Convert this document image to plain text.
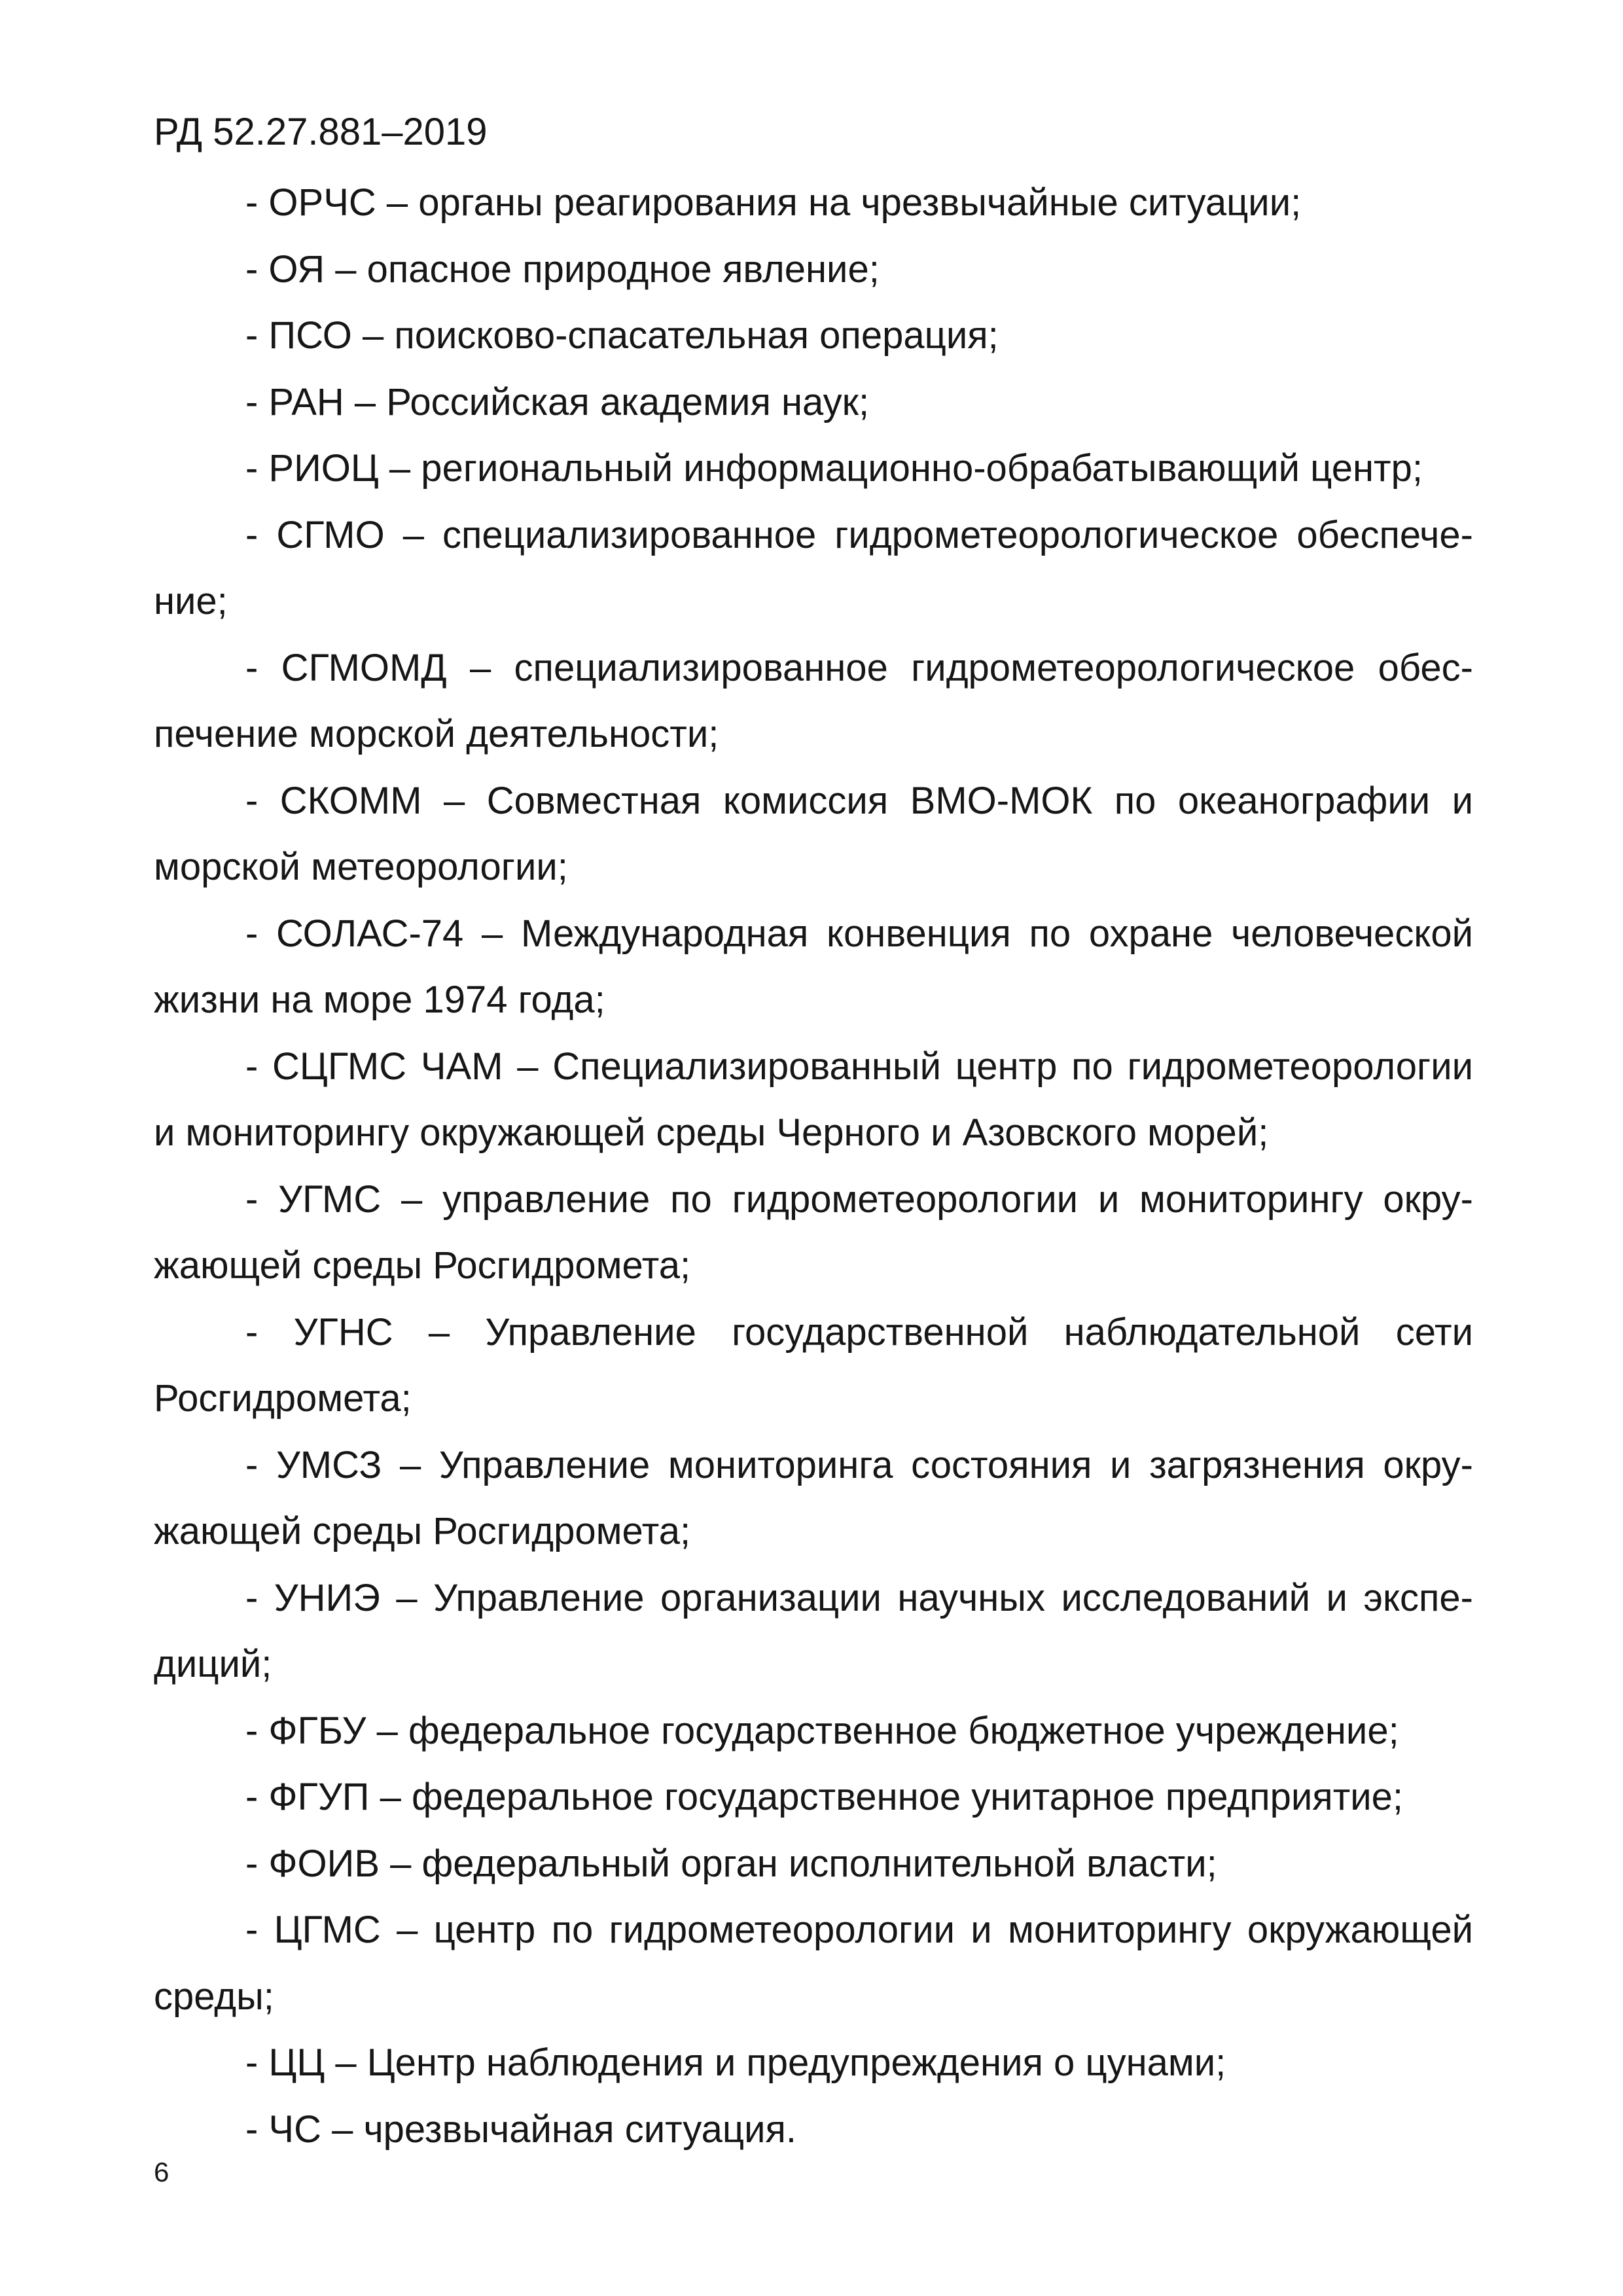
РД 52.27.881–2019
- ОРЧС – органы реагирования на чрезвычайные ситуации;
- ОЯ – опасное природное явление;
- ПСО – поисково-спасательная операция;
- РАН – Российская академия наук;
- РИОЦ – региональный информационно-обрабатывающий центр;
- СГМО – специализированное гидрометеорологическое обеспечение;
- СГМОМД – специализированное гидрометеорологическое обеспечение морской деятельности;
- СКОММ – Совместная комиссия ВМО-МОК по океанографии и морской метеорологии;
- СОЛАС-74 – Международная конвенция по охране человеческой жизни на море 1974 года;
- СЦГМС ЧАМ – Специализированный центр по гидрометеорологии и мониторингу окружающей среды Черного и Азовского морей;
- УГМС – управление по гидрометеорологии и мониторингу окружающей среды Росгидромета;
- УГНС – Управление государственной наблюдательной сети Росгидромета;
- УМСЗ – Управление мониторинга состояния и загрязнения окружающей среды Росгидромета;
- УНИЭ – Управление организации научных исследований и экспедиций;
- ФГБУ – федеральное государственное бюджетное учреждение;
- ФГУП – федеральное государственное унитарное предприятие;
- ФОИВ – федеральный орган исполнительной власти;
- ЦГМС – центр по гидрометеорологии и мониторингу окружающей среды;
- ЦЦ – Центр наблюдения и предупреждения о цунами;
- ЧС – чрезвычайная ситуация.
6
